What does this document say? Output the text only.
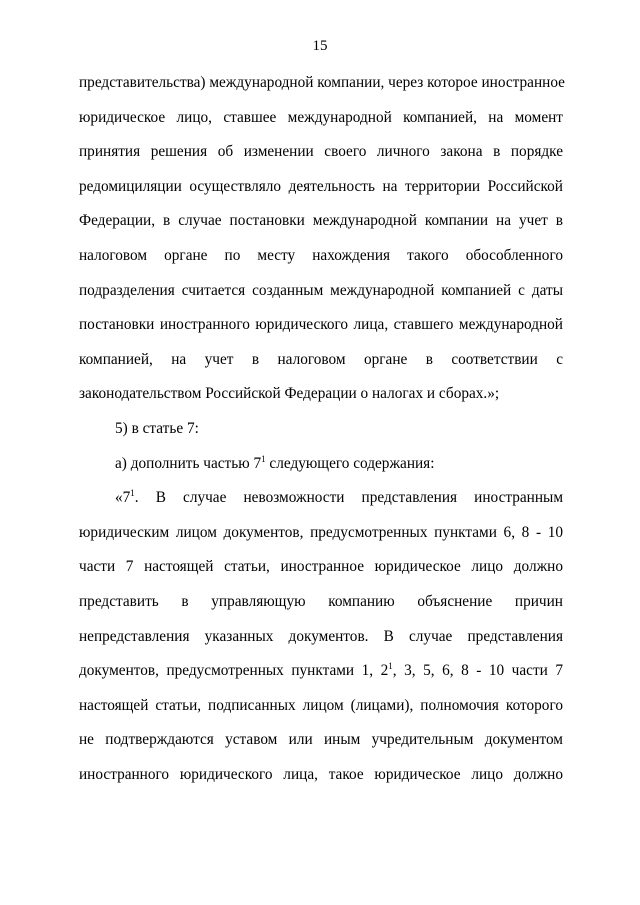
15
представительства) международной компании, через которое иностранное
юридическое лицо, ставшее международной компанией, на момент
принятия решения об изменении своего личного закона в порядке
редомициляции осуществляло деятельность на территории Российской
Федерации, в случае постановки международной компании на учет в
налоговом органе по месту нахождения такого обособленного
подразделения считается созданным международной компанией с даты
постановки иностранного юридического лица, ставшего международной
компанией, на учет в налоговом органе в соответствии с
законодательством Российской Федерации о налогах и сборах.»;
5) в статье 7:
а) дополнить частью $7^1$ следующего содержания:
«$7^1$. В случае невозможности представления иностранным
юридическим лицом документов, предусмотренных пунктами 6, 8 - 10
части 7 настоящей статьи, иностранное юридическое лицо должно
представить в управляющую компанию объяснение причин
непредставления указанных документов. В случае представления
документов, предусмотренных пунктами 1, $2^1$, 3, 5, 6, 8 - 10 части 7
настоящей статьи, подписанных лицом (лицами), полномочия которого
не подтверждаются уставом или иным учредительным документом
иностранного юридического лица, такое юридическое лицо должно
